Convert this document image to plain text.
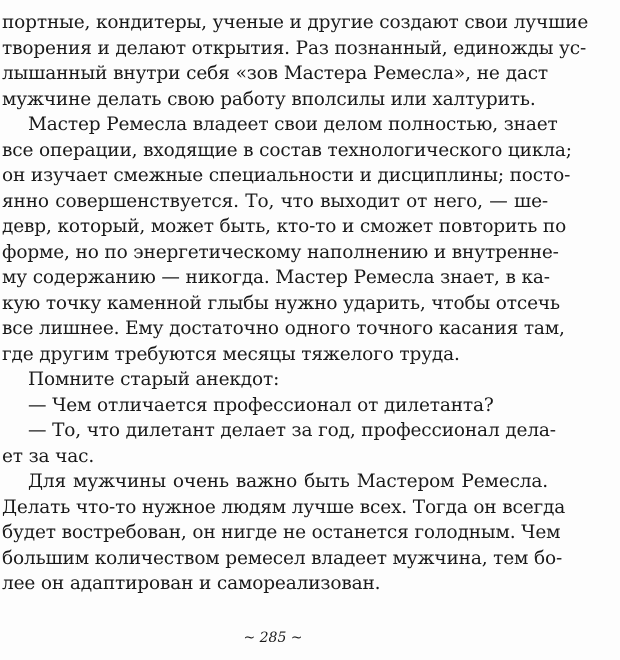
портные, кондитеры, ученые и другие создают свои лучшие
творения и делают открытия. Раз познанный, единожды ус-
лышанный внутри себя «зов Мастера Ремесла», не даст
мужчине делать свою работу вполсилы или халтурить.
Мастер Ремесла владеет свои делом полностью, знает
все операции, входящие в состав технологического цикла;
он изучает смежные специальности и дисциплины; посто-
янно совершенствуется. То, что выходит от него, — ше-
девр, который, может быть, кто-то и сможет повторить по
форме, но по энергетическому наполнению и внутренне-
му содержанию — никогда. Мастер Ремесла знает, в ка-
кую точку каменной глыбы нужно ударить, чтобы отсечь
все лишнее. Ему достаточно одного точного касания там,
где другим требуются месяцы тяжелого труда.
Помните старый анекдот:
— Чем отличается профессионал от дилетанта?
— То, что дилетант делает за год, профессионал дела-
ет за час.
Для мужчины очень важно быть Мастером Ремесла.
Делать что-то нужное людям лучше всех. Тогда он всегда
будет востребован, он нигде не останется голодным. Чем
большим количеством ремесел владеет мужчина, тем бо-
лее он адаптирован и самореализован.
~ 285 ~
